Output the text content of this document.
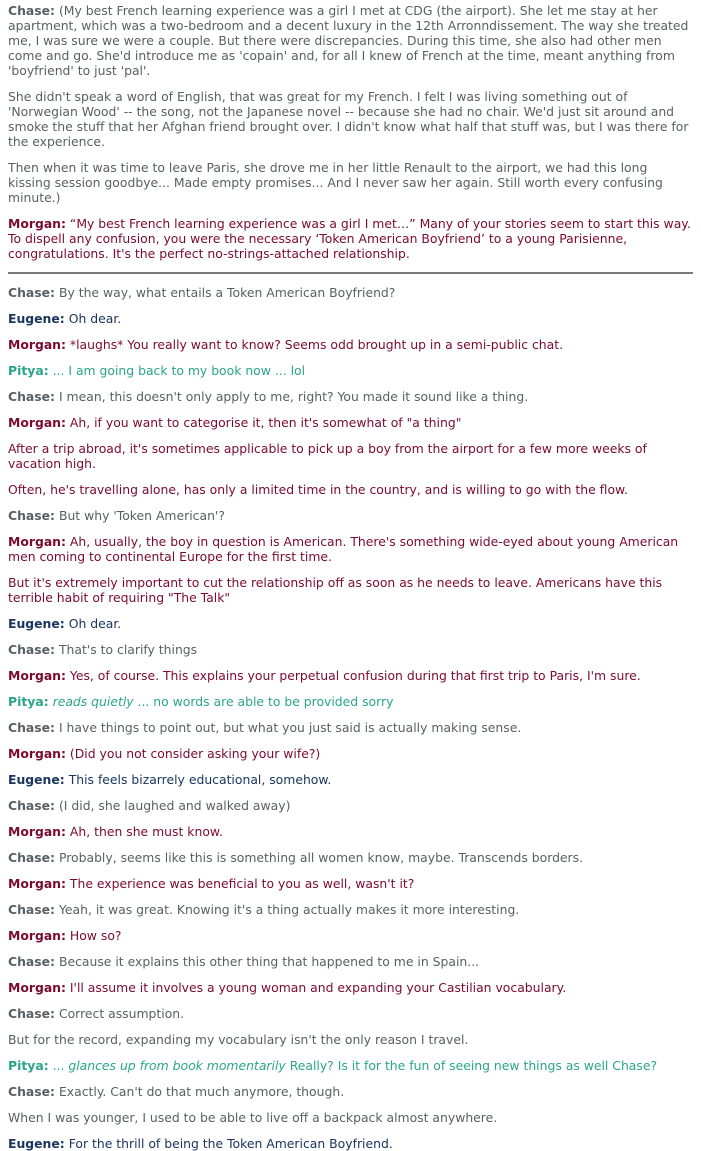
Chase: (My best French learning experience was a girl I met at CDG (the airport). She let me stay at her apartment, which was a two-bedroom and a decent luxury in the 12th Arronndissement. The way she treated me, I was sure we were a couple. But there were discrepancies. During this time, she also had other men come and go. She'd introduce me as 'copain' and, for all I knew of French at the time, meant anything from 'boyfriend' to just 'pal'.
She didn't speak a word of English, that was great for my French. I felt I was living something out of 'Norwegian Wood' -- the song, not the Japanese novel -- because she had no chair. We'd just sit around and smoke the stuff that her Afghan friend brought over. I didn't know what half that stuff was, but I was there for the experience.
Then when it was time to leave Paris, she drove me in her little Renault to the airport, we had this long kissing session goodbye... Made empty promises... And I never saw her again. Still worth every confusing minute.)
Morgan: “My best French learning experience was a girl I met…” Many of your stories seem to start this way. To dispell any confusion, you were the necessary ‘Token American Boyfriend’ to a young Parisienne, congratulations. It's the perfect no-strings-attached relationship.
Chase: By the way, what entails a Token American Boyfriend?
Eugene: Oh dear.
Morgan: *laughs* You really want to know? Seems odd brought up in a semi-public chat.
Pitya: ... I am going back to my book now ... lol
Chase: I mean, this doesn't only apply to me, right? You made it sound like a thing.
Morgan: Ah, if you want to categorise it, then it's somewhat of "a thing"
After a trip abroad, it's sometimes applicable to pick up a boy from the airport for a few more weeks of vacation high.
Often, he's travelling alone, has only a limited time in the country, and is willing to go with the flow.
Chase: But why 'Token American'?
Morgan: Ah, usually, the boy in question is American. There's something wide-eyed about young American men coming to continental Europe for the first time.
But it's extremely important to cut the relationship off as soon as he needs to leave. Americans have this terrible habit of requiring "The Talk"
Eugene: Oh dear.
Chase: That's to clarify things
Morgan: Yes, of course. This explains your perpetual confusion during that first trip to Paris, I'm sure.
Pitya: reads quietly ... no words are able to be provided sorry
Chase: I have things to point out, but what you just said is actually making sense.
Morgan: (Did you not consider asking your wife?)
Eugene: This feels bizarrely educational, somehow.
Chase: (I did, she laughed and walked away)
Morgan: Ah, then she must know.
Chase: Probably, seems like this is something all women know, maybe. Transcends borders.
Morgan: The experience was beneficial to you as well, wasn't it?
Chase: Yeah, it was great. Knowing it's a thing actually makes it more interesting.
Morgan: How so?
Chase: Because it explains this other thing that happened to me in Spain...
Morgan: I'll assume it involves a young woman and expanding your Castilian vocabulary.
Chase: Correct assumption.
But for the record, expanding my vocabulary isn't the only reason I travel.
Pitya: ... glances up from book momentarily Really? Is it for the fun of seeing new things as well Chase?
Chase: Exactly. Can't do that much anymore, though.
When I was younger, I used to be able to live off a backpack almost anywhere.
Eugene: For the thrill of being the Token American Boyfriend.
